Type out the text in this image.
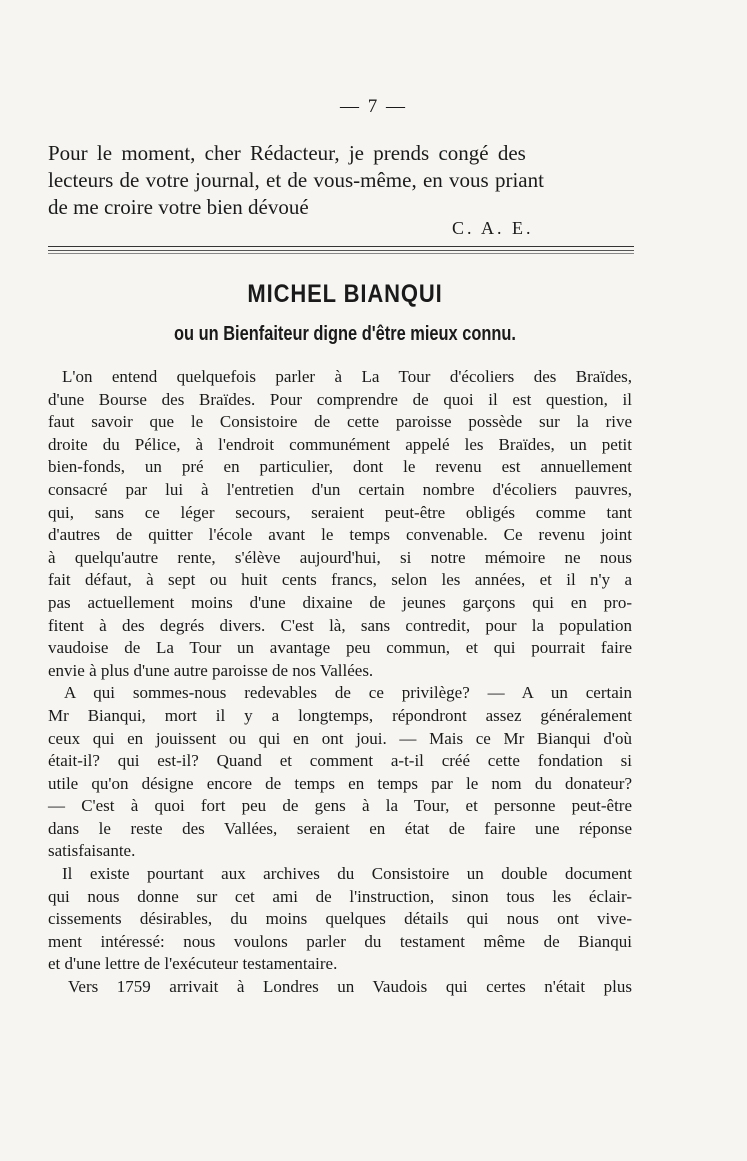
— 7 —
Pour le moment, cher Rédacteur, je prends congé des
lecteurs de votre journal, et de vous-même, en vous priant
de me croire votre bien dévoué
C. A. E.
MICHEL BIANQUI
ou un Bienfaiteur digne d'être mieux connu.
L'on entend quelquefois parler à La Tour d'écoliers des Braïdes,
d'une Bourse des Braïdes. Pour comprendre de quoi il est question, il
faut savoir que le Consistoire de cette paroisse possède sur la rive
droite du Pélice, à l'endroit communément appelé les Braïdes, un petit
bien-fonds, un pré en particulier, dont le revenu est annuellement
consacré par lui à l'entretien d'un certain nombre d'écoliers pauvres,
qui, sans ce léger secours, seraient peut-être obligés comme tant
d'autres de quitter l'école avant le temps convenable. Ce revenu joint
à quelqu'autre rente, s'élève aujourd'hui, si notre mémoire ne nous
fait défaut, à sept ou huit cents francs, selon les années, et il n'y a
pas actuellement moins d'une dixaine de jeunes garçons qui en pro-
fitent à des degrés divers. C'est là, sans contredit, pour la population
vaudoise de La Tour un avantage peu commun, et qui pourrait faire
envie à plus d'une autre paroisse de nos Vallées.
A qui sommes-nous redevables de ce privilège? — A un certain
Mr Bianqui, mort il y a longtemps, répondront assez généralement
ceux qui en jouissent ou qui en ont joui. — Mais ce Mr Bianqui d'où
était-il? qui est-il? Quand et comment a-t-il créé cette fondation si
utile qu'on désigne encore de temps en temps par le nom du donateur?
— C'est à quoi fort peu de gens à la Tour, et personne peut-être
dans le reste des Vallées, seraient en état de faire une réponse
satisfaisante.
Il existe pourtant aux archives du Consistoire un double document
qui nous donne sur cet ami de l'instruction, sinon tous les éclair-
cissements désirables, du moins quelques détails qui nous ont vive-
ment intéressé: nous voulons parler du testament même de Bianqui
et d'une lettre de l'exécuteur testamentaire.
Vers 1759 arrivait à Londres un Vaudois qui certes n'était plus
